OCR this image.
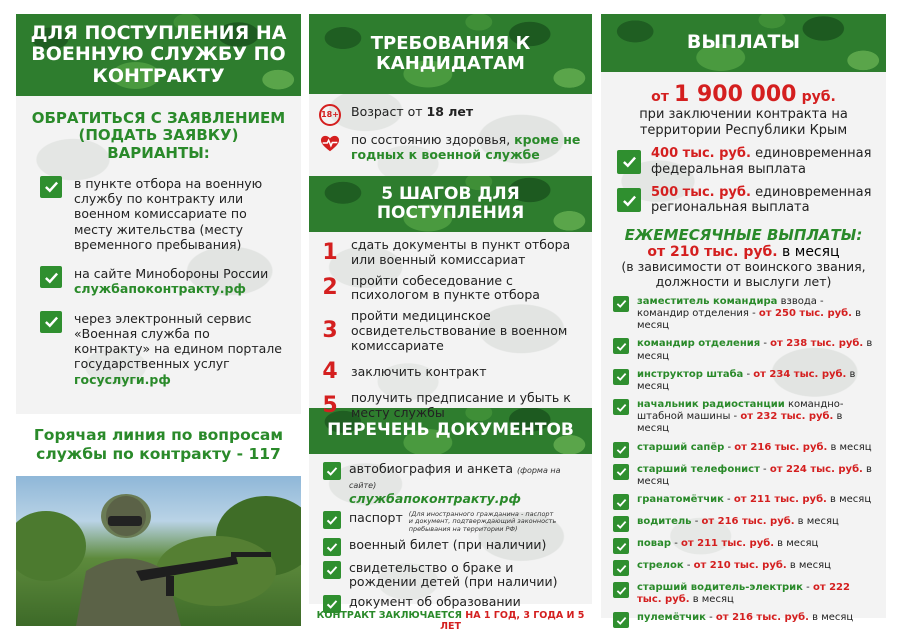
ДЛЯ ПОСТУПЛЕНИЯ НА ВОЕННУЮ СЛУЖБУ ПО КОНТРАКТУ
ОБРАТИТЬСЯ С ЗАЯВЛЕНИЕМ
(ПОДАТЬ ЗАЯВКУ)
ВАРИАНТЫ:
в пункте отбора на военную службу по контракту или военном комиссариате по месту жительства (месту временного пребывания)
на сайте Минобороны России
службапоконтракту.рф
через электронный сервис «Военная служба по контракту» на едином портале государственных услуг
госуслуги.рф
Горячая линия по вопросам службы по контракту - 117
ТРЕБОВАНИЯ К КАНДИДАТАМ
18+ Возраст от 18 лет
по состоянию здоровья, кроме не годных к военной службе
5 ШАГОВ ДЛЯ ПОСТУПЛЕНИЯ
1 сдать документы в пункт отбора или военный комиссариат
2 пройти собеседование с психологом в пункте отбора
3
пройти медицинское освидетельствование в военном комиссариате
4 заключить контракт
5 получить предписание и убыть к месту службы
ПЕРЕЧЕНЬ ДОКУМЕНТОВ
автобиография и анкета (форма на сайте)
службапоконтракту.рф
паспорт (Для иностранного гражданина - паспорт и документ, подтверждающий законность пребывания на территории РФ)
военный билет (при наличии)
свидетельство о браке и рождении детей (при наличии)
документ об образовании
КОНТРАКТ ЗАКЛЮЧАЕТСЯ НА 1 ГОД, 3 ГОДА И 5 ЛЕТ
ВЫПЛАТЫ
от 1 900 000 руб.
при заключении контракта на территории Республики Крым
400 тыс. руб. единовременная федеральная выплата
500 тыс. руб. единовременная региональная выплата
ЕЖЕМЕСЯЧНЫЕ ВЫПЛАТЫ:
от 210 тыс. руб. в месяц
(в зависимости от воинского звания, должности и выслуги лет)
заместитель командира взвода - командир отделения - от 250 тыс. руб. в месяц
командир отделения - от 238 тыс. руб. в месяц
инструктор штаба - от 234 тыс. руб. в месяц
начальник радиостанции командно-штабной машины - от 232 тыс. руб. в месяц
старший сапёр - от 216 тыс. руб. в месяц
старший телефонист - от 224 тыс. руб. в месяц
гранатомётчик - от 211 тыс. руб. в месяц
водитель - от 216 тыс. руб. в месяц
повар - от 211 тыс. руб. в месяц
стрелок - от 210 тыс. руб. в месяц
старший водитель-электрик - от 222 тыс. руб. в месяц
пулемётчик - от 216 тыс. руб. в месяц
